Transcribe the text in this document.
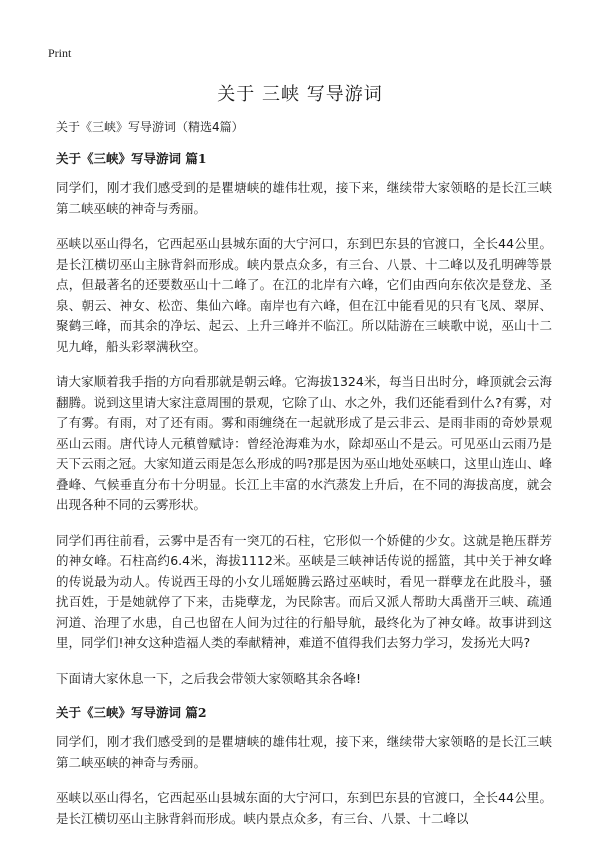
Print
关于 三峡 写导游词

关于《三峡》写导游词（精选4篇）

关于《三峡》写导游词 篇1

同学们，刚才我们感受到的是瞿塘峡的雄伟壮观，接下来，继续带大家领略的是长江三峡第二峡巫峡的神奇与秀丽。

巫峡以巫山得名，它西起巫山县城东面的大宁河口，东到巴东县的官渡口，全长44公里。是长江横切巫山主脉背斜而形成。峡内景点众多，有三台、八景、十二峰以及孔明碑等景点，但最著名的还要数巫山十二峰了。在江的北岸有六峰，它们由西向东依次是登龙、圣泉、朝云、神女、松峦、集仙六峰。南岸也有六峰，但在江中能看见的只有飞凤、翠屏、聚鹤三峰，而其余的净坛、起云、上升三峰并不临江。所以陆游在三峡歌中说，巫山十二见九峰，船头彩翠满秋空。

请大家顺着我手指的方向看那就是朝云峰。它海拔1324米，每当日出时分，峰顶就会云海翻腾。说到这里请大家注意周围的景观，它除了山、水之外，我们还能看到什么?有雾，对了有雾。有雨，对了还有雨。雾和雨缠绕在一起就形成了是云非云、是雨非雨的奇妙景观巫山云雨。唐代诗人元稹曾赋诗：曾经沧海难为水，除却巫山不是云。可见巫山云雨乃是天下云雨之冠。大家知道云雨是怎么形成的吗?那是因为巫山地处巫峡口，这里山连山、峰叠峰、气候垂直分布十分明显。长江上丰富的水汽蒸发上升后，在不同的海拔高度，就会出现各种不同的云雾形状。

同学们再往前看，云雾中是否有一突兀的石柱，它形似一个娇健的少女。这就是艳压群芳的神女峰。石柱高约6.4米，海拔1112米。巫峡是三峡神话传说的摇篮，其中关于神女峰的传说最为动人。传说西王母的小女儿瑶姬腾云路过巫峡时，看见一群孽龙在此股斗，骚扰百姓，于是她就停了下来，击毙孽龙，为民除害。而后又派人帮助大禹凿开三峡、疏通河道、治理了水患，自己也留在人间为过往的行船导航，最终化为了神女峰。故事讲到这里，同学们!神女这种造福人类的奉献精神，难道不值得我们去努力学习，发扬光大吗?

下面请大家休息一下，之后我会带领大家领略其余各峰!

关于《三峡》写导游词 篇2

同学们，刚才我们感受到的是瞿塘峡的雄伟壮观，接下来，继续带大家领略的是长江三峡第二峡巫峡的神奇与秀丽。

巫峡以巫山得名，它西起巫山县城东面的大宁河口，东到巴东县的官渡口，全长44公里。是长江横切巫山主脉背斜而形成。峡内景点众多，有三台、八景、十二峰以
